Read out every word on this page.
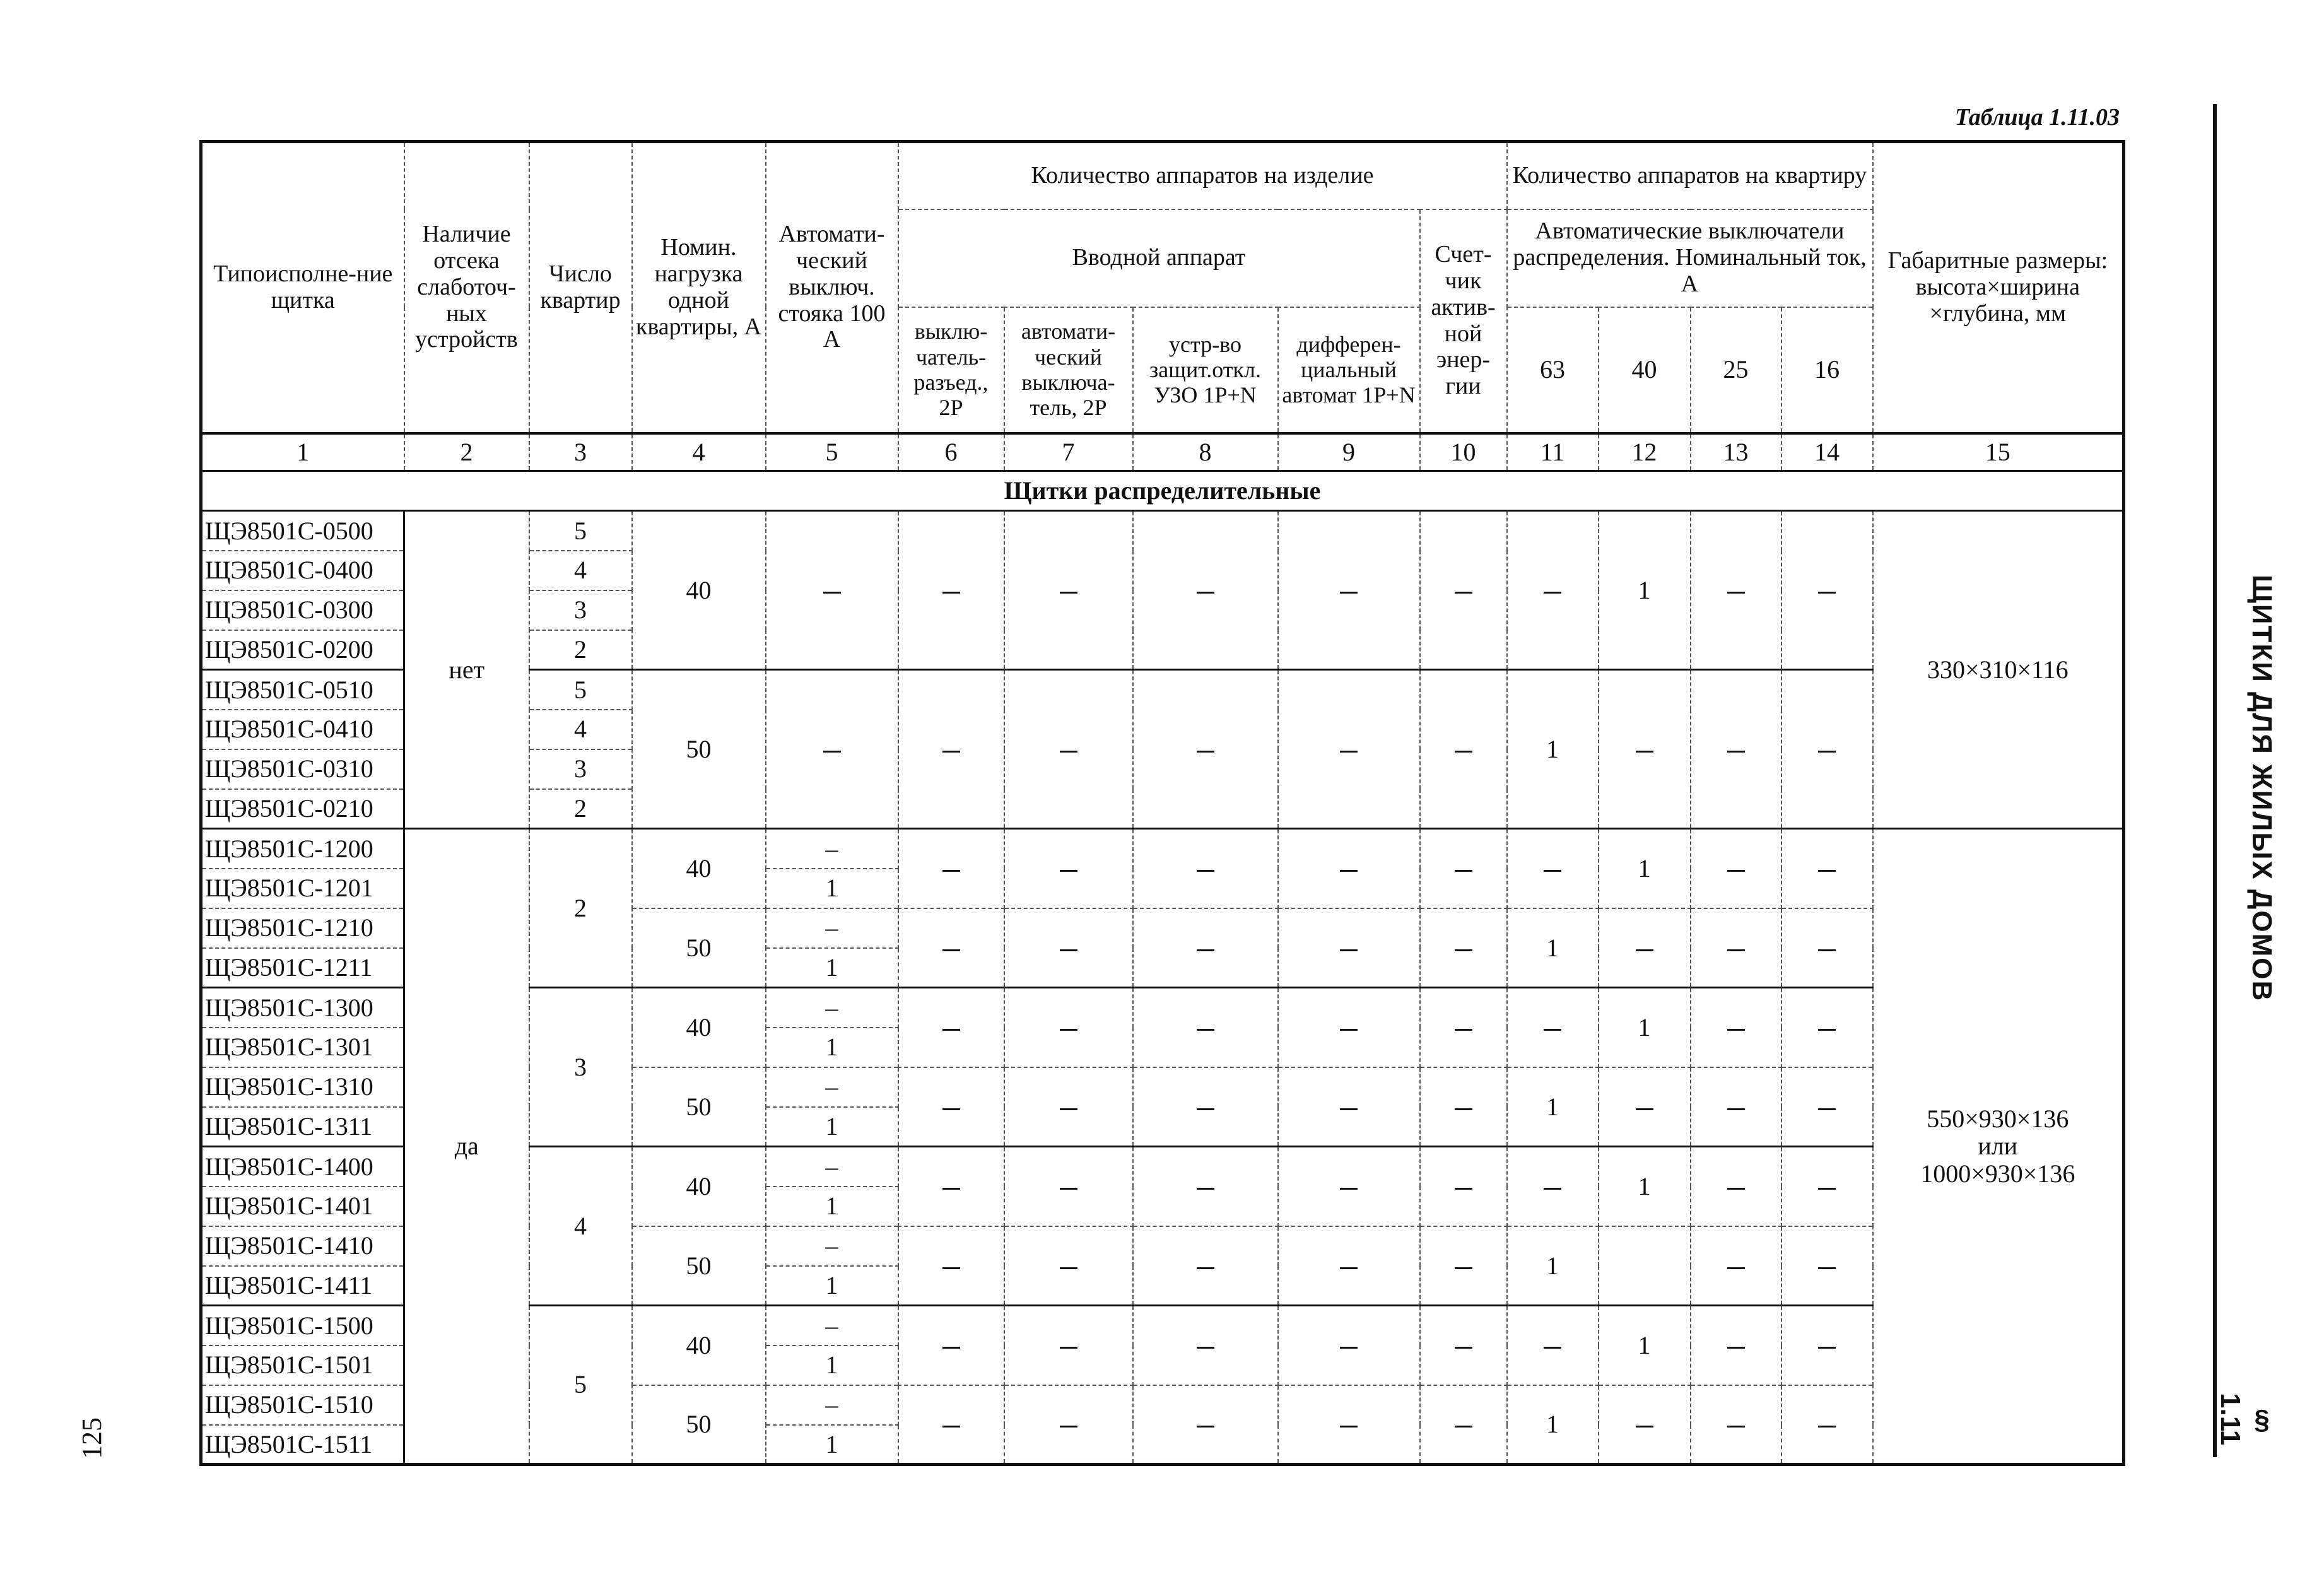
Таблица 1.11.03
Типоисполне-ние щитка	Наличие отсека слаботоч-ных устройств	Число квартир	Номин. нагрузка одной квартиры, А	Автомати-ческий выключ. стояка 100 А	Количество аппаратов на изделие					Количество аппаратов на квартиру				Габаритные размеры: высота×ширина ×глубина, мм
					Вводной аппарат				Счет-чик актив-ной энер-гии	Автоматические выключатели распределения. Номинальный ток, А				
					выклю-чатель-разъед., 2Р	автомати-ческий выключа-тель, 2Р	устр-во защит.откл. УЗО 1Р+N	дифферен-циальный автомат 1Р+N		63	40	25	16	
1	2	3	4	5	6	7	8	9	10	11	12	13	14	15
Щитки распределительные														
ЩЭ8501С-0500	нет	5	40								1			330×310×116
ЩЭ8501С-0400		4												
ЩЭ8501С-0300		3												
ЩЭ8501С-0200		2												
ЩЭ8501С-0510		5	50							1				
ЩЭ8501С-0410		4												
ЩЭ8501С-0310		3												
ЩЭ8501С-0210		2												
ЩЭ8501С-1200	да	2	40	–							1			550×930×136
или
1000×930×136
ЩЭ8501С-1201				1										
ЩЭ8501С-1210			50	–						1				
ЩЭ8501С-1211				1										
ЩЭ8501С-1300		3	40	–							1			
ЩЭ8501С-1301				1										
ЩЭ8501С-1310			50	–						1				
ЩЭ8501С-1311				1										
ЩЭ8501С-1400		4	40	–							1			
ЩЭ8501С-1401				1										
ЩЭ8501С-1410			50	–						1				
ЩЭ8501С-1411				1										
ЩЭ8501С-1500		5	40	–							1			
ЩЭ8501С-1501				1										
ЩЭ8501С-1510			50	–						1				
ЩЭ8501С-1511				1										
ЩИТКИ ДЛЯ ЖИЛЫХ ДОМОВ
§ 1.11
125
